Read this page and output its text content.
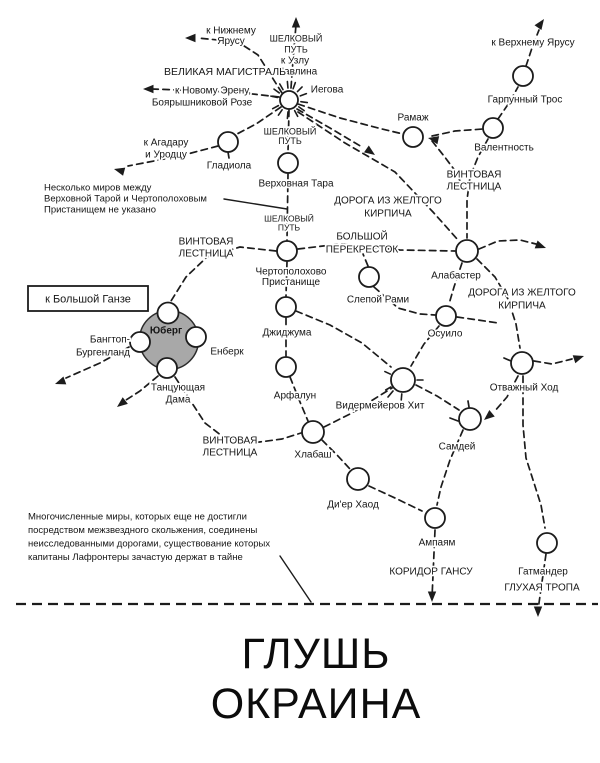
к Нижнему Ярусу	ШЕЛКОВЫЙ ПУТЬ
к Узлу
Павлина
ВЕЛИКАЯ МАГИСТРАЛЬ
к Новому Эрену,
Боярышниковой Розе
Иегова
Рамаж
к Верхнему Ярусу
Гарпунный Трос
Валентность
к Агадару и Уродцу
Гладиола
ШЕЛКОВЫЙ ПУТЬ
Верховная Тара
ВИНТОВАЯ ЛЕСТНИЦА
ДОРОГА ИЗ ЖЕЛТОГО КИРПИЧА
Несколько миров между Верховной Тарой и Чертополоховым Пристанищем не указано
ВИНТОВАЯ ЛЕСТНИЦА
БОЛЬШОЙ ПЕРЕКРЕСТОК
ШЕЛКОВЫЙ ПУТЬ
Чертополохово Пристанище
Алабастер
ДОРОГА ИЗ ЖЕЛТОГО КИРПИЧА
Слепой Рами
Енберк
Бангтоп-Бургенланд
Танцующая Дама
Джиджума	Осуило
Арфалун
Отважный Ход
Видермейеров Хит
ВИНТОВАЯ ЛЕСТНИЦА	Хлабаш
Самдей
Ди'ер Хаод
Ампаям
КОРИДОР ГАНСУ	Гатмандер
ГЛУХАЯ ТРОПА
Многочисленные миры, которых еще не достигли посредством межзвездного скольжения, соединены неисследованными дорогами, существование которых капитаны Лафронтеры зачастую держат в тайне
Юберг
к Большой Ганзе
ГЛУШЬ
ОКРАИНА
